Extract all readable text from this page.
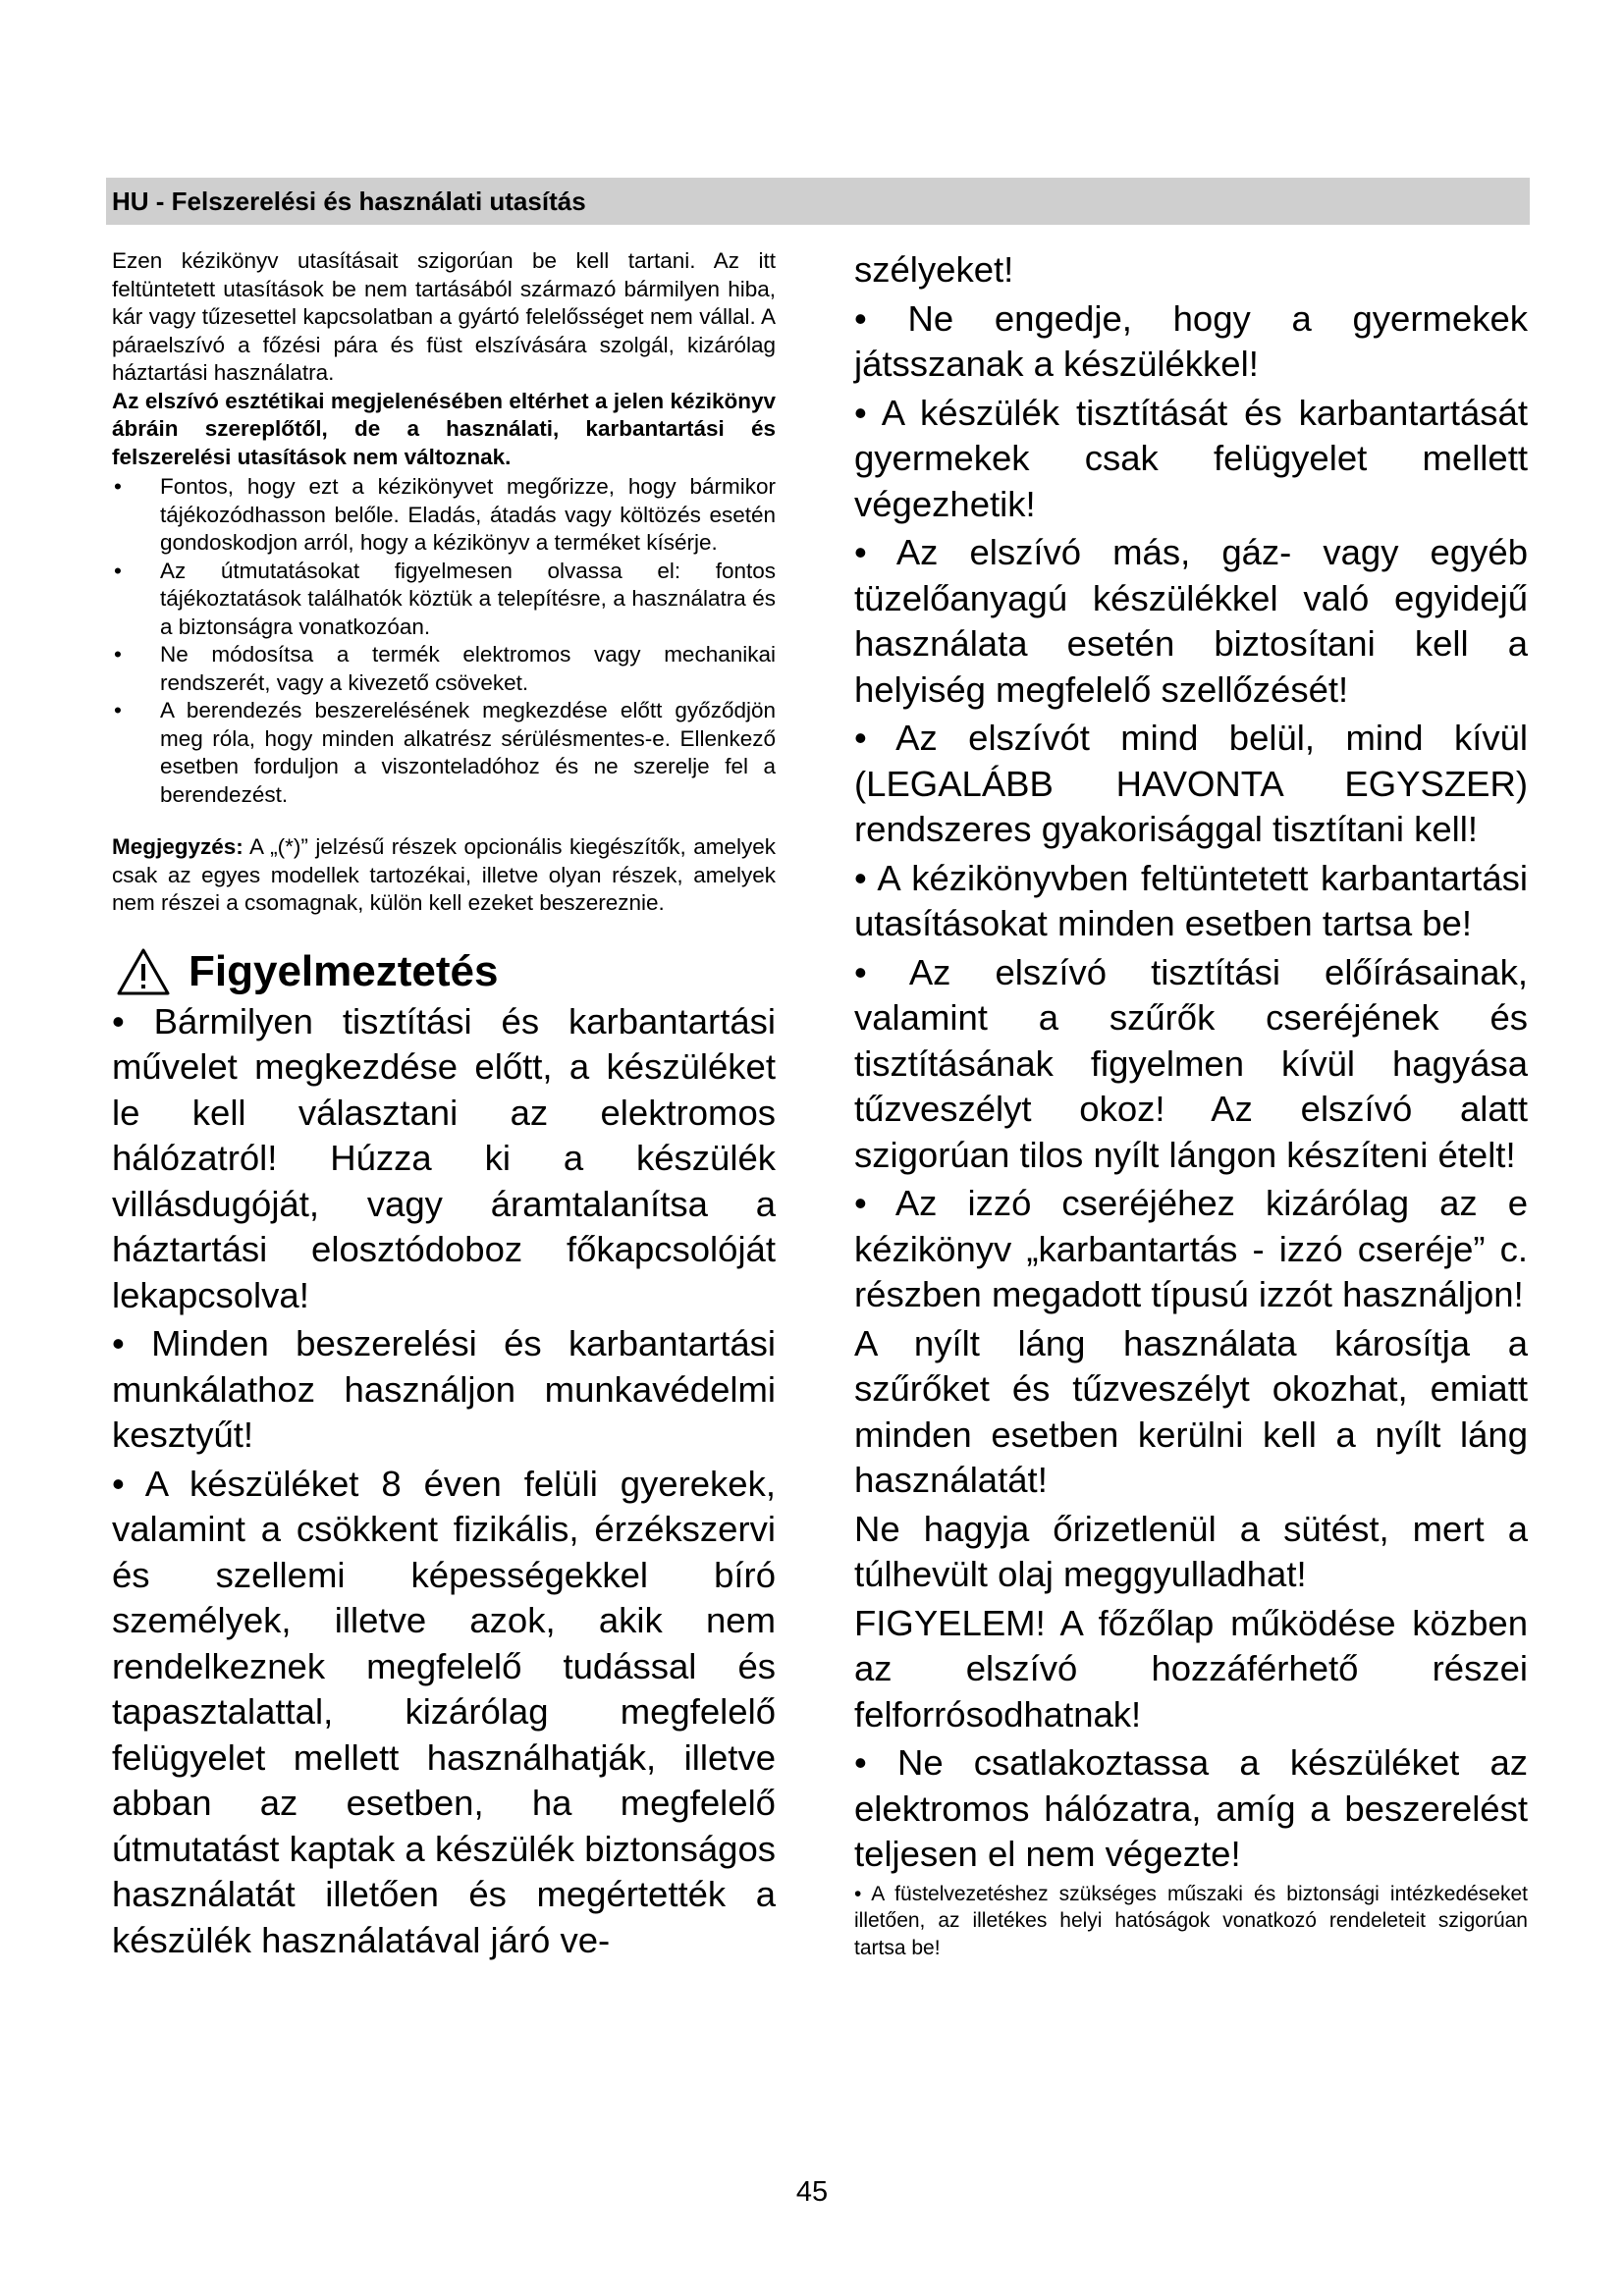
HU - Felszerelési és használati utasítás

Ezen kézikönyv utasításait szigorúan be kell tartani. Az itt feltüntetett utasítások be nem tartásából származó bármilyen hiba, kár vagy tűzesettel kapcsolatban a gyártó felelősséget nem vállal. A páraelszívó a főzési pára és füst elszívására szolgál, kizárólag háztartási használatra.

Az elszívó esztétikai megjelenésében eltérhet a jelen kézikönyv ábráin szereplőtől, de a használati, karbantartási és felszerelési utasítások nem változnak.

• Fontos, hogy ezt a kézikönyvet megőrizze, hogy bármikor tájékozódhasson belőle. Eladás, átadás vagy költözés esetén gondoskodjon arról, hogy a kézikönyv a terméket kísérje.
• Az útmutatásokat figyelmesen olvassa el: fontos tájékoztatások találhatók köztük a telepítésre, a használatra és a biztonságra vonatkozóan.
• Ne módosítsa a termék elektromos vagy mechanikai rendszerét, vagy a kivezető csöveket.
• A berendezés beszerelésének megkezdése előtt győződjön meg róla, hogy minden alkatrész sérülésmentes-e. Ellenkező esetben forduljon a viszonteladóhoz és ne szerelje fel a berendezést.

Megjegyzés: A „(*)” jelzésű részek opcionális kiegészítők, amelyek csak az egyes modellek tartozékai, illetve olyan részek, amelyek nem részei a csomagnak, külön kell ezeket beszereznie.

Figyelmeztetés

• Bármilyen tisztítási és karbantartási művelet megkezdése előtt, a készüléket le kell választani az elektromos hálózatról! Húzza ki a készülék villásdugóját, vagy áramtalanítsa a háztartási elosztódoboz főkapcsolóját lekapcsolva!

• Minden beszerelési és karbantartási munkálathoz használjon munkavédelmi kesztyűt!

• A készüléket 8 éven felüli gyerekek, valamint a csökkent fizikális, érzékszervi és szellemi képességekkel bíró személyek, illetve azok, akik nem rendelkeznek megfelelő tudással és tapasztalattal, kizárólag megfelelő felügyelet mellett használhatják, illetve abban az esetben, ha megfelelő útmutatást kaptak a készülék biztonságos használatát illetően és megértették a készülék használatával járó ve-

szélyeket!

• Ne engedje, hogy a gyermekek játsszanak a készülékkel!

• A készülék tisztítását és karbantartását gyermekek csak felügyelet mellett végezhetik!

• Az elszívó más, gáz- vagy egyéb tüzelőanyagú készülékkel való egyidejű használata esetén biztosítani kell a helyiség megfelelő szellőzését!

• Az elszívót mind belül, mind kívül (LEGALÁBB HAVONTA EGYSZER) rendszeres gyakorisággal tisztítani kell!

• A kézikönyvben feltüntetett karbantartási utasításokat minden esetben tartsa be!

• Az elszívó tisztítási előírásainak, valamint a szűrők cseréjének és tisztításának figyelmen kívül hagyása tűzveszélyt okoz! Az elszívó alatt szigorúan tilos nyílt lángon készíteni ételt!

• Az izzó cseréjéhez kizárólag az e kézikönyv „karbantartás - izzó cseréje” c. részben megadott típusú izzót használjon!

A nyílt láng használata károsítja a szűrőket és tűzveszélyt okozhat, emiatt minden esetben kerülni kell a nyílt láng használatát!

Ne hagyja őrizetlenül a sütést, mert a túlhevült olaj meggyulladhat!

FIGYELEM! A főzőlap működése közben az elszívó hozzáférhető részei felforrósodhatnak!

• Ne csatlakoztassa a készüléket az elektromos hálózatra, amíg a beszerelést teljesen el nem végezte!

• A füstelvezetéshez szükséges műszaki és biztonsági intézkedéseket illetően, az illetékes helyi hatóságok vonatkozó rendeleteit szigorúan tartsa be!

45
